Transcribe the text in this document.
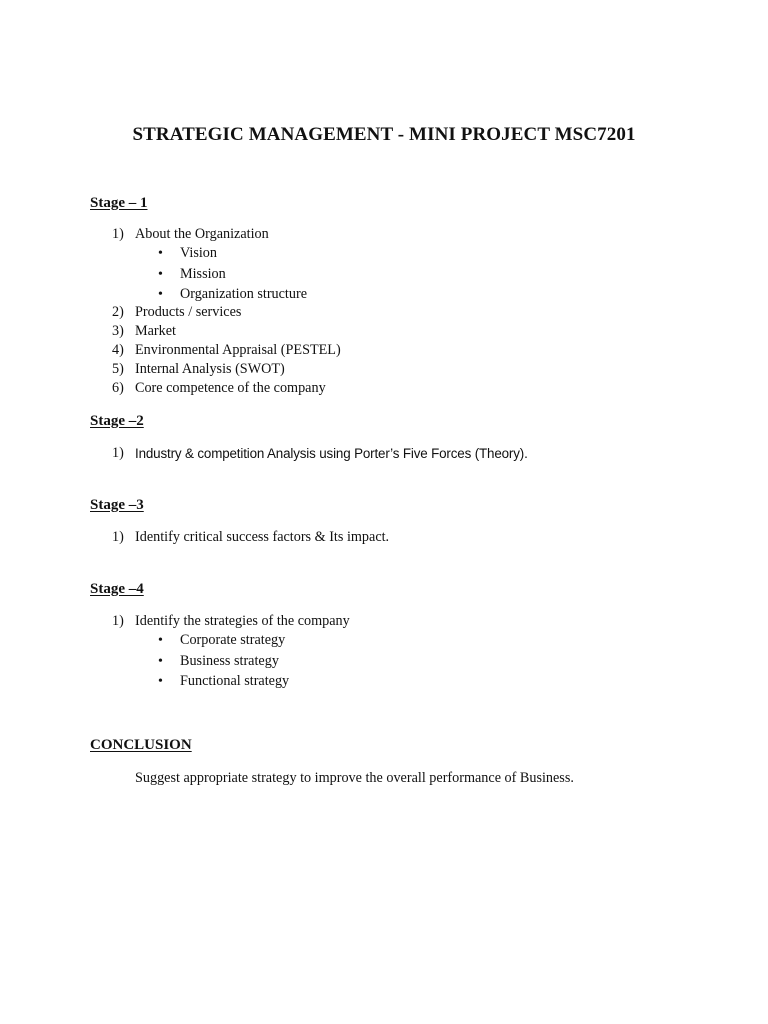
STRATEGIC MANAGEMENT - MINI PROJECT MSC7201
Stage – 1
1) About the Organization
• Vision
• Mission
• Organization structure
2) Products / services
3) Market
4) Environmental Appraisal (PESTEL)
5) Internal Analysis (SWOT)
6) Core competence of the company
Stage –2
1) Industry & competition Analysis using Porter’s Five Forces (Theory).
Stage –3
1) Identify critical success factors & Its impact.
Stage –4
1) Identify the strategies of the company
• Corporate strategy
• Business strategy
• Functional strategy
CONCLUSION
Suggest appropriate strategy to improve the overall performance of Business.
